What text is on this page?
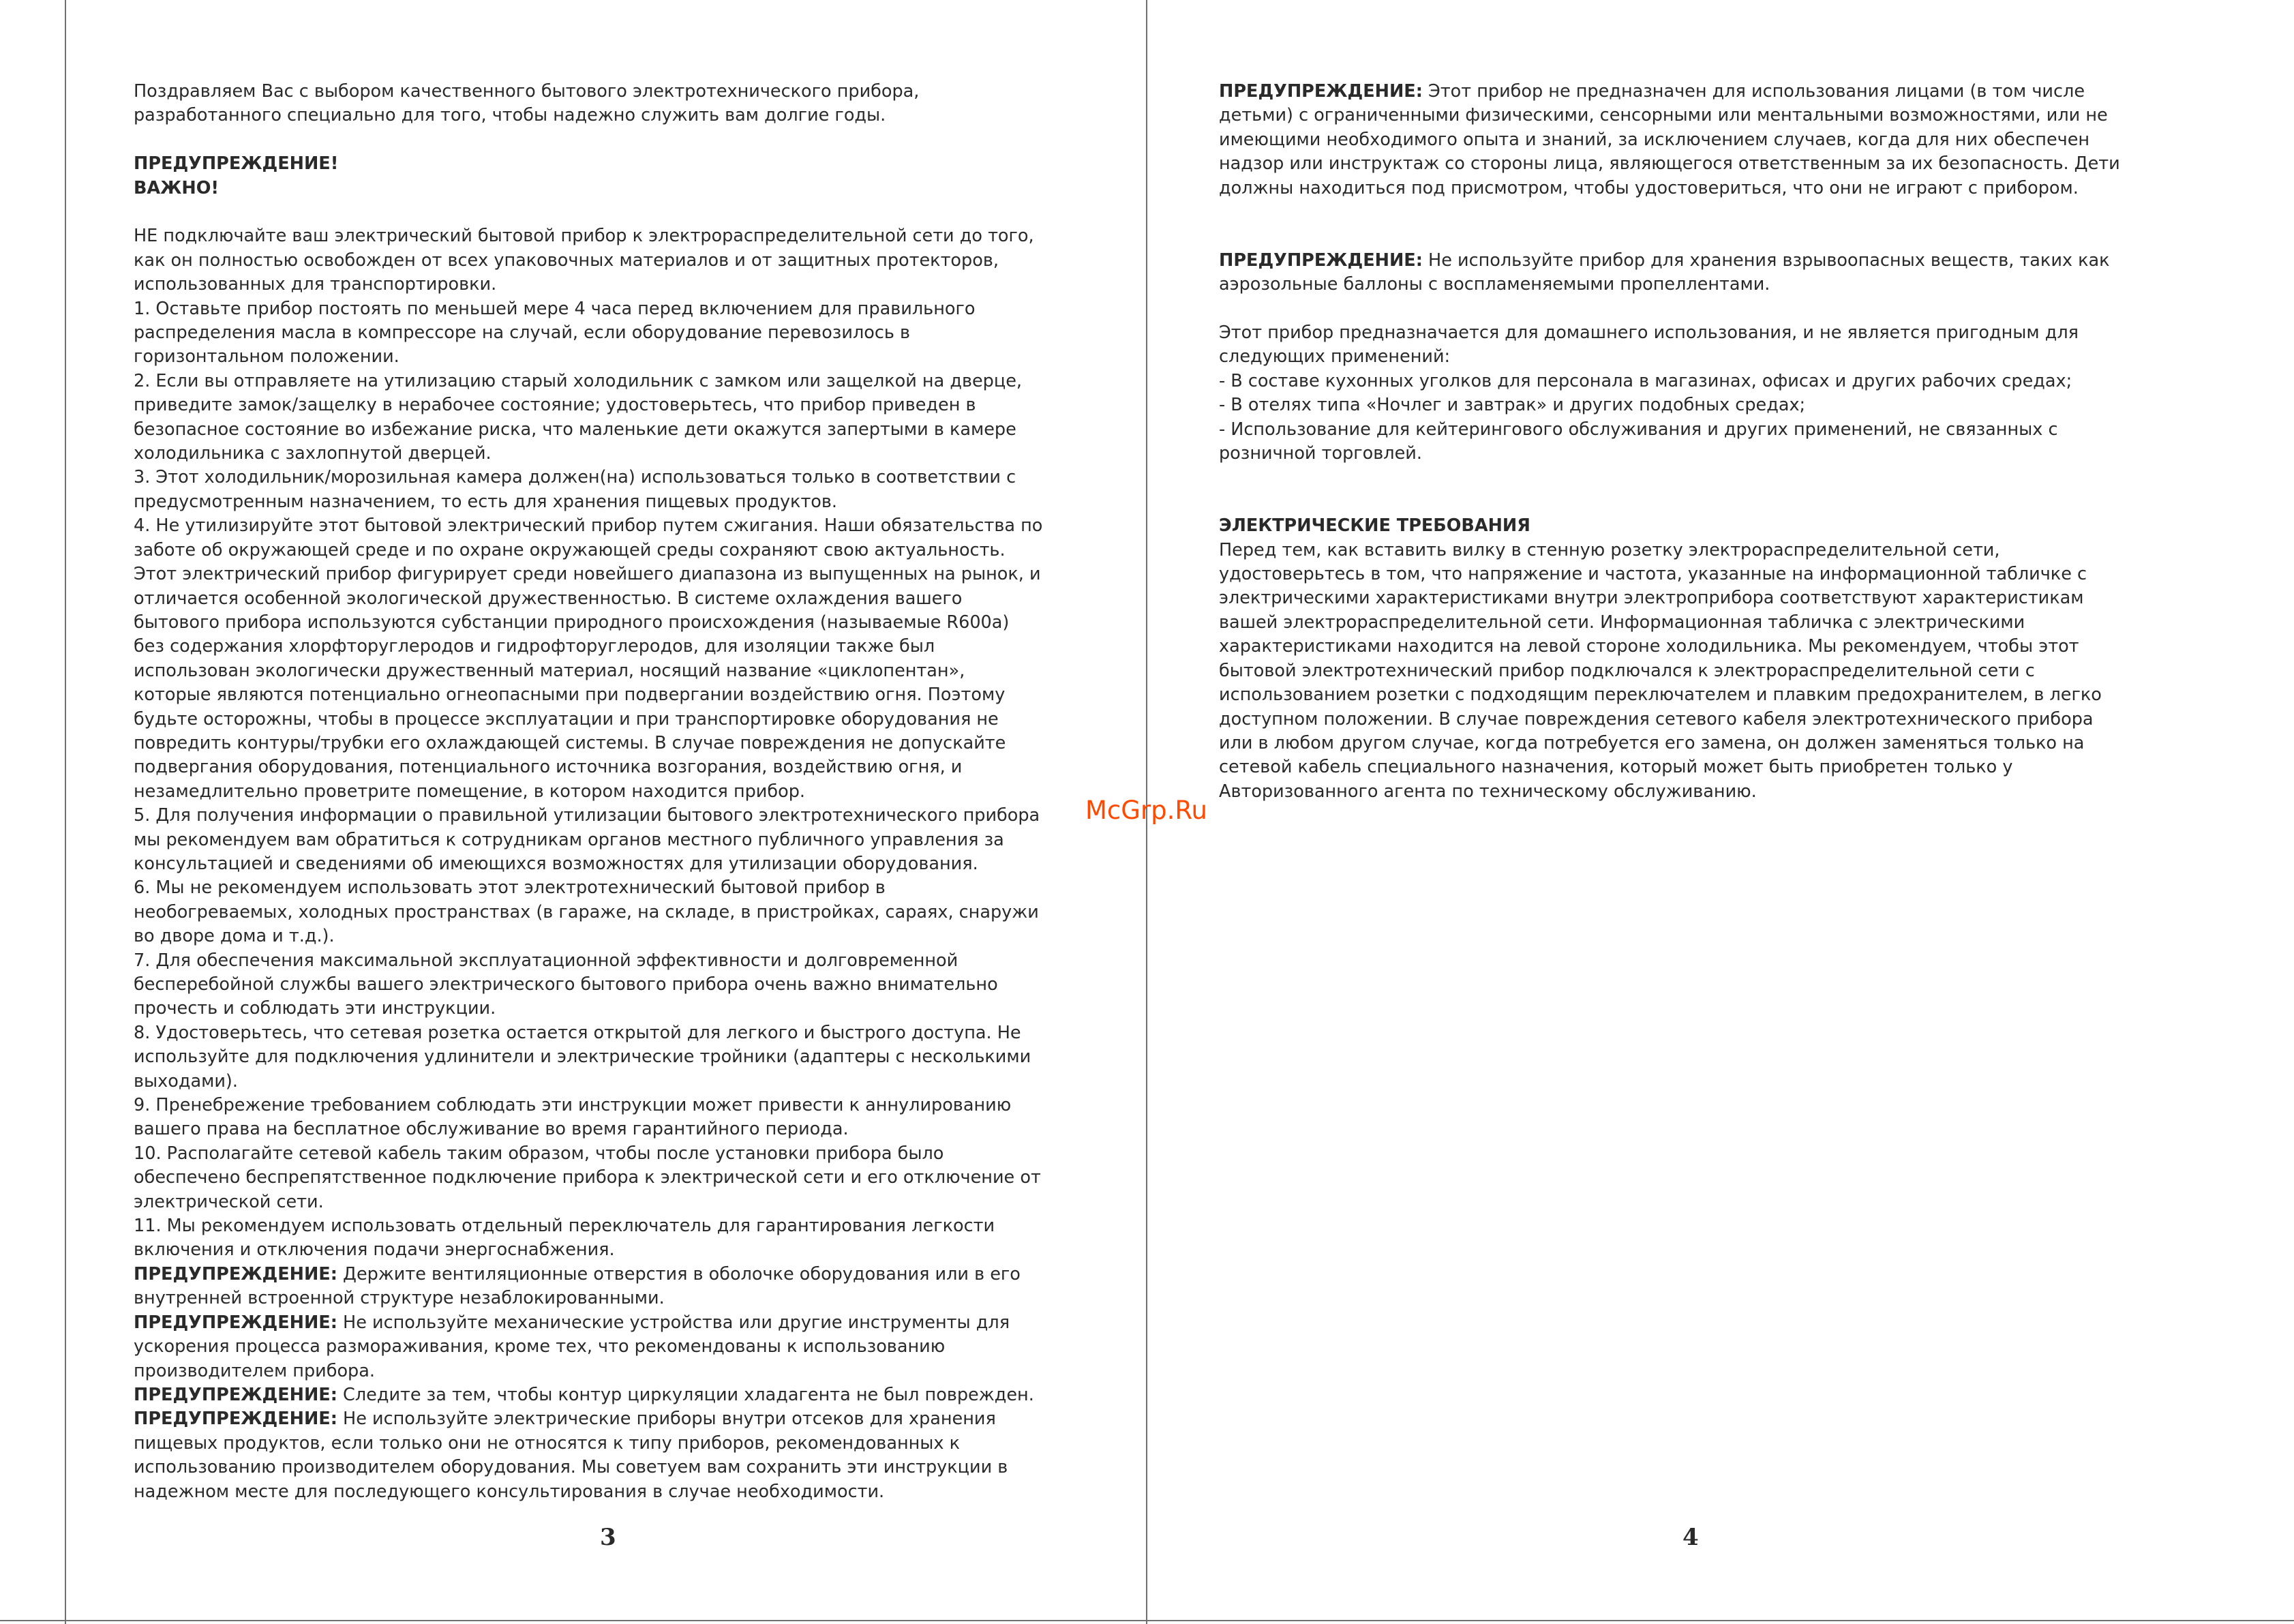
Поздравляем Вас с выбором качественного бытового электротехнического прибора,

разработанного специально для того, чтобы надежно служить вам долгие годы.

ПРЕДУПРЕЖДЕНИЕ!

ВАЖНО!

НЕ подключайте ваш электрический бытовой прибор к электрораспределительной сети до того,

как он полностью освобожден от всех упаковочных материалов и от защитных протекторов,

использованных для транспортировки.

1. Оставьте прибор постоять по меньшей мере 4 часа перед включением для правильного

распределения масла в компрессоре на случай, если оборудование перевозилось в

горизонтальном положении.

2. Если вы отправляете на утилизацию старый холодильник с замком или защелкой на дверце,

приведите замок/защелку в нерабочее состояние; удостоверьтесь, что прибор приведен в

безопасное состояние во избежание риска, что маленькие дети окажутся запертыми в камере

холодильника с захлопнутой дверцей.

3. Этот холодильник/морозильная камера должен(на) использоваться только в соответствии с

предусмотренным назначением, то есть для хранения пищевых продуктов.

4. Не утилизируйте этот бытовой электрический прибор путем сжигания. Наши обязательства по

заботе об окружающей среде и по охране окружающей среды сохраняют свою актуальность.

Этот электрический прибор фигурирует среди новейшего диапазона из выпущенных на рынок, и

отличается особенной экологической дружественностью. В системе охлаждения вашего

бытового прибора используются субстанции природного происхождения (называемые R600a)

без содержания хлорфторуглеродов и гидрофторуглеродов, для изоляции также был

использован экологически дружественный материал, носящий название «циклопентан»,

которые являются потенциально огнеопасными при подвергании воздействию огня. Поэтому

будьте осторожны, чтобы в процессе эксплуатации и при транспортировке оборудования не

повредить контуры/трубки его охлаждающей системы. В случае повреждения не допускайте

подвергания оборудования, потенциального источника возгорания, воздействию огня, и

незамедлительно проветрите помещение, в котором находится прибор.

5. Для получения информации о правильной утилизации бытового электротехнического прибора

мы рекомендуем вам обратиться к сотрудникам органов местного публичного управления за

консультацией и сведениями об имеющихся возможностях для утилизации оборудования.

6. Мы не рекомендуем использовать этот электротехнический бытовой прибор в

необогреваемых, холодных пространствах (в гараже, на складе, в пристройках, сараях, снаружи

во дворе дома и т.д.).

7. Для обеспечения максимальной эксплуатационной эффективности и долговременной

бесперебойной службы вашего электрического бытового прибора очень важно внимательно

прочесть и соблюдать эти инструкции.

8. Удостоверьтесь, что сетевая розетка остается открытой для легкого и быстрого доступа. Не

используйте для подключения удлинители и электрические тройники (адаптеры с несколькими

выходами).

9. Пренебрежение требованием соблюдать эти инструкции может привести к аннулированию

вашего права на бесплатное обслуживание во время гарантийного периода.

10. Располагайте сетевой кабель таким образом, чтобы после установки прибора было

обеспечено беспрепятственное подключение прибора к электрической сети и его отключение от

электрической сети.

11. Мы рекомендуем использовать отдельный переключатель для гарантирования легкости

включения и отключения подачи энергоснабжения.

ПРЕДУПРЕЖДЕНИЕ: Держите вентиляционные отверстия в оболочке оборудования или в его

внутренней встроенной структуре незаблокированными.

ПРЕДУПРЕЖДЕНИЕ: Не используйте механические устройства или другие инструменты для

ускорения процесса размораживания, кроме тех, что рекомендованы к использованию

производителем прибора.

ПРЕДУПРЕЖДЕНИЕ: Следите за тем, чтобы контур циркуляции хладагента не был поврежден.

ПРЕДУПРЕЖДЕНИЕ: Не используйте электрические приборы внутри отсеков для хранения

пищевых продуктов, если только они не относятся к типу приборов, рекомендованных к

использованию производителем оборудования. Мы советуем вам сохранить эти инструкции в

надежном месте для последующего консультирования в случае необходимости.

3

ПРЕДУПРЕЖДЕНИЕ: Этот прибор не предназначен для использования лицами (в том числе

детьми) с ограниченными физическими, сенсорными или ментальными возможностями, или не

имеющими необходимого опыта и знаний, за исключением случаев, когда для них обеспечен

надзор или инструктаж со стороны лица, являющегося ответственным за их безопасность. Дети

должны находиться под присмотром, чтобы удостовериться, что они не играют с прибором.

ПРЕДУПРЕЖДЕНИЕ: Не используйте прибор для хранения взрывоопасных веществ, таких как

аэрозольные баллоны с воспламеняемыми пропеллентами.

Этот прибор предназначается для домашнего использования, и не является пригодным для

следующих применений:

- В составе кухонных уголков для персонала в магазинах, офисах и других рабочих средах;

- В отелях типа «Ночлег и завтрак» и других подобных средах;

- Использование для кейтерингового обслуживания и других применений, не связанных с

розничной торговлей.

ЭЛЕКТРИЧЕСКИЕ ТРЕБОВАНИЯ

Перед тем, как вставить вилку в стенную розетку электрораспределительной сети,

удостоверьтесь в том, что напряжение и частота, указанные на информационной табличке с

электрическими характеристиками внутри электроприбора соответствуют характеристикам

вашей электрораспределительной сети. Информационная табличка с электрическими

характеристиками находится на левой стороне холодильника. Мы рекомендуем, чтобы этот

бытовой электротехнический прибор подключался к электрораспределительной сети с

использованием розетки с подходящим переключателем и плавким предохранителем, в легко

доступном положении. В случае повреждения сетевого кабеля электротехнического прибора

или в любом другом случае, когда потребуется его замена, он должен заменяться только на

сетевой кабель специального назначения, который может быть приобретен только у

Авторизованного агента по техническому обслуживанию.

4
McGrp.Ru
